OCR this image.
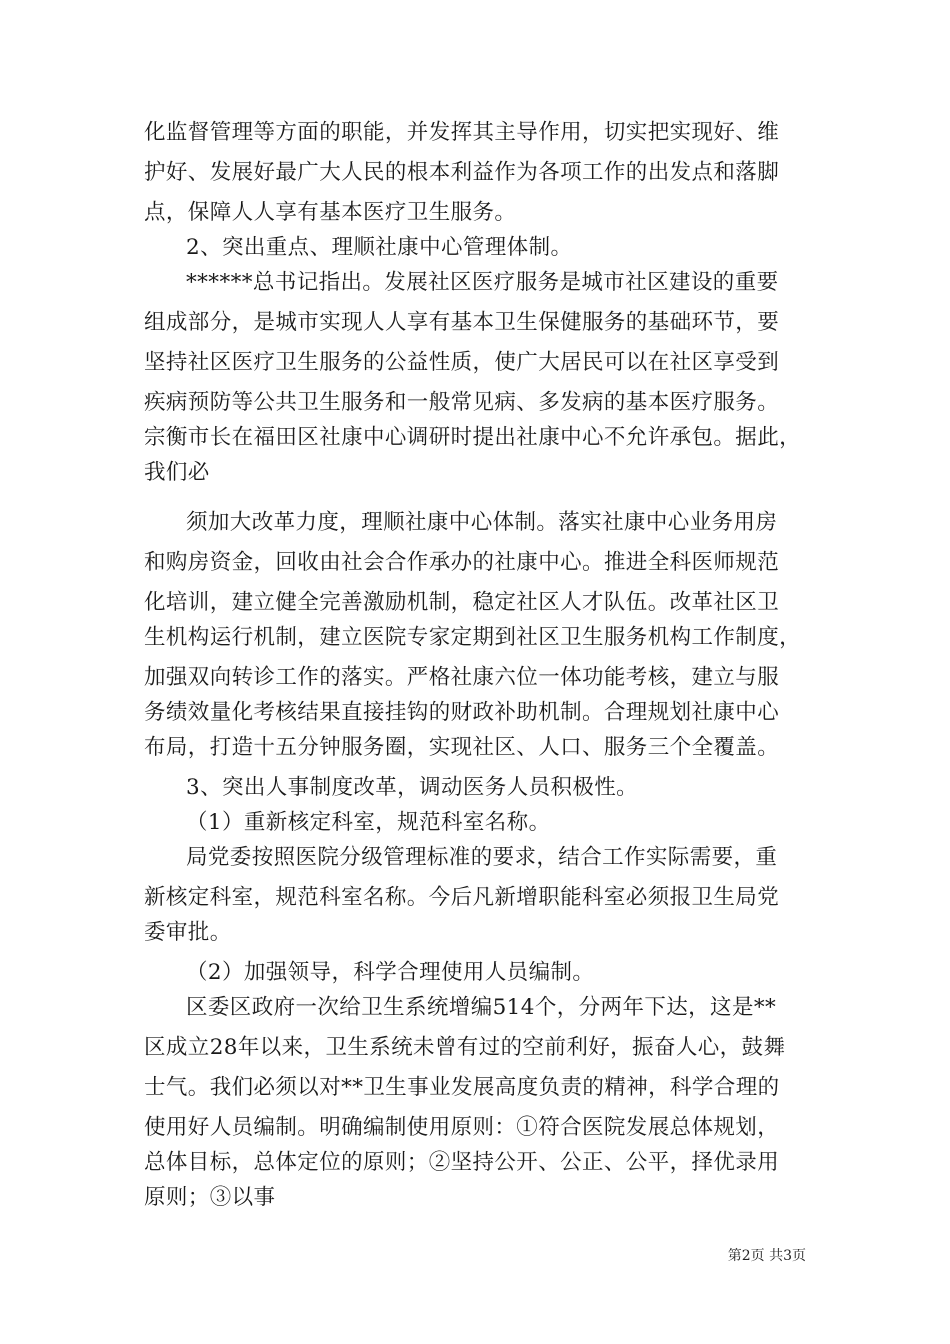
化监督管理等方面的职能，并发挥其主导作用，切实把实现好、维
护好、发展好最广大人民的根本利益作为各项工作的出发点和落脚
点，保障人人享有基本医疗卫生服务。
2、突出重点、理顺社康中心管理体制。
******总书记指出。发展社区医疗服务是城市社区建设的重要
组成部分，是城市实现人人享有基本卫生保健服务的基础环节，要
坚持社区医疗卫生服务的公益性质，使广大居民可以在社区享受到
疾病预防等公共卫生服务和一般常见病、多发病的基本医疗服务。
宗衡市长在福田区社康中心调研时提出社康中心不允许承包。据此，
我们必
须加大改革力度，理顺社康中心体制。落实社康中心业务用房
和购房资金，回收由社会合作承办的社康中心。推进全科医师规范
化培训，建立健全完善激励机制，稳定社区人才队伍。改革社区卫
生机构运行机制，建立医院专家定期到社区卫生服务机构工作制度，
加强双向转诊工作的落实。严格社康六位一体功能考核，建立与服
务绩效量化考核结果直接挂钩的财政补助机制。合理规划社康中心
布局，打造十五分钟服务圈，实现社区、人口、服务三个全覆盖。
3、突出人事制度改革，调动医务人员积极性。
（1）重新核定科室，规范科室名称。
局党委按照医院分级管理标准的要求，结合工作实际需要，重
新核定科室，规范科室名称。今后凡新增职能科室必须报卫生局党
委审批。
（2）加强领导，科学合理使用人员编制。
区委区政府一次给卫生系统增编514个，分两年下达，这是**
区成立28年以来，卫生系统未曾有过的空前利好，振奋人心，鼓舞
士气。我们必须以对**卫生事业发展高度负责的精神，科学合理的
使用好人员编制。明确编制使用原则：①符合医院发展总体规划，
总体目标，总体定位的原则；②坚持公开、公正、公平，择优录用
原则；③以事
第2页 共3页
